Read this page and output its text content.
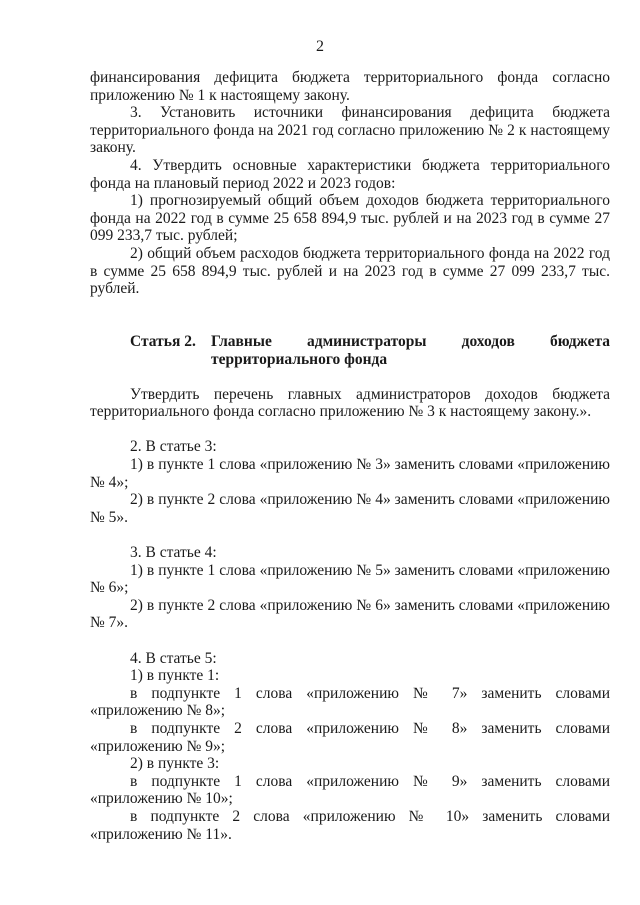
2

финансирования дефицита бюджета территориального фонда согласно приложению № 1 к настоящему закону.

3. Установить источники финансирования дефицита бюджета территориального фонда на 2021 год согласно приложению № 2 к настоящему закону.

4. Утвердить основные характеристики бюджета территориального фонда на плановый период 2022 и 2023 годов:

1) прогнозируемый общий объем доходов бюджета территориального фонда на 2022 год в сумме 25 658 894,9 тыс. рублей и на 2023 год в сумме 27 099 233,7 тыс. рублей;

2) общий объем расходов бюджета территориального фонда на 2022 год в сумме 25 658 894,9 тыс. рублей и на 2023 год в сумме 27 099 233,7 тыс. рублей.

Статья 2. Главные администраторы доходов бюджета территориального фонда

Утвердить перечень главных администраторов доходов бюджета территориального фонда согласно приложению № 3 к настоящему закону.».

2. В статье 3:

1) в пункте 1 слова «приложению № 3» заменить словами «приложению № 4»;

2) в пункте 2 слова «приложению № 4» заменить словами «приложению № 5».

3. В статье 4:

1) в пункте 1 слова «приложению № 5» заменить словами «приложению № 6»;

2) в пункте 2 слова «приложению № 6» заменить словами «приложению № 7».

4. В статье 5:

1) в пункте 1:

в подпункте 1 слова «приложению № 7» заменить словами «приложению № 8»;

в подпункте 2 слова «приложению № 8» заменить словами «приложению № 9»;

2) в пункте 3:

в подпункте 1 слова «приложению № 9» заменить словами «приложению № 10»;

в подпункте 2 слова «приложению № 10» заменить словами «приложению № 11».
